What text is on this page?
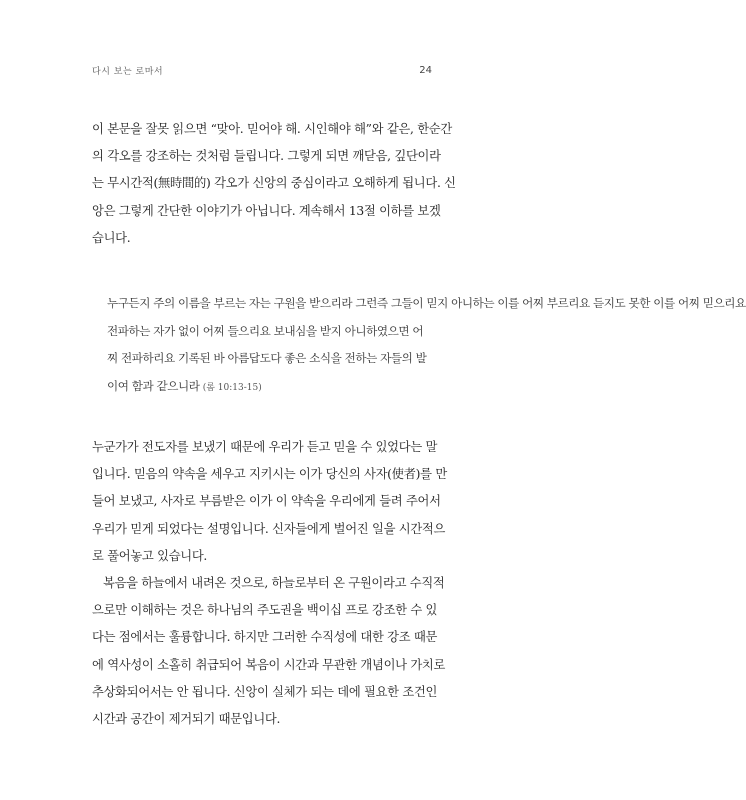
다시 보는 로마서	24
이 본문을 잘못 읽으면 “맞아. 믿어야 해. 시인해야 해”와 같은, 한순간
의 각오를 강조하는 것처럼 들립니다. 그렇게 되면 깨닫음, 깊단이라
는 무시간적(無時間的) 각오가 신앙의 중심이라고 오해하게 됩니다. 신
앙은 그렇게 간단한 이야기가 아닙니다. 계속해서 13절 이하를 보겠
습니다.
누구든지 주의 이름을 부르는 자는 구원을 받으리라 그런즉 그들이 믿지 아니하는 이를 어찌 부르리요 듣지도 못한 이를 어찌 믿으리요
전파하는 자가 없이 어찌 들으리요 보내심을 받지 아니하였으면 어
찌 전파하리요 기록된 바 아름답도다 좋은 소식을 전하는 자들의 발
이여 함과 같으니라 (롬 10:13-15)
누군가가 전도자를 보냈기 때문에 우리가 듣고 믿을 수 있었다는 말
입니다. 믿음의 약속을 세우고 지키시는 이가 당신의 사자(使者)를 만
들어 보냈고, 사자로 부름받은 이가 이 약속을 우리에게 들려 주어서
우리가 믿게 되었다는 설명입니다. 신자들에게 벌어진 일을 시간적으
로 풀어놓고 있습니다.
복음을 하늘에서 내려온 것으로, 하늘로부터 온 구원이라고 수직적
으로만 이해하는 것은 하나님의 주도권을 백이십 프로 강조한 수 있
다는 점에서는 훌륭합니다. 하지만 그러한 수직성에 대한 강조 때문
에 역사성이 소홀히 취급되어 복음이 시간과 무관한 개념이나 가치로
추상화되어서는 안 됩니다. 신앙이 실체가 되는 데에 필요한 조건인
시간과 공간이 제거되기 때문입니다.
